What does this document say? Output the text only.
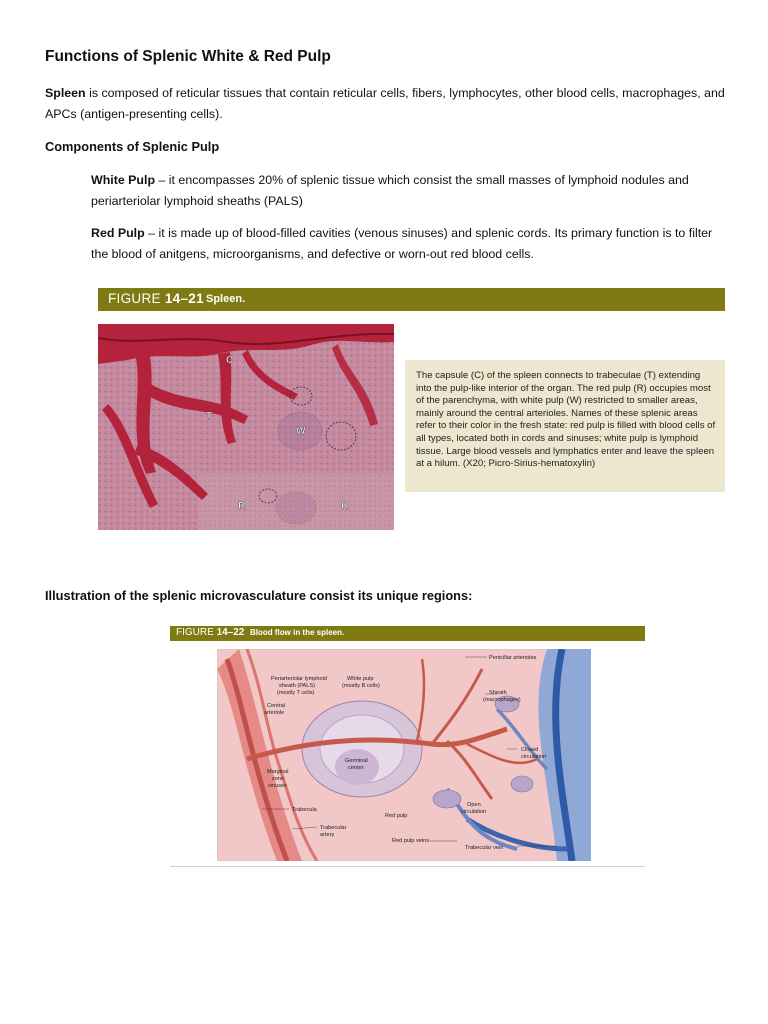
Functions of Splenic White & Red Pulp
Spleen is composed of reticular tissues that contain reticular cells, fibers, lymphocytes, other blood cells, macrophages, and APCs (antigen-presenting cells).
Components of Splenic Pulp
White Pulp – it encompasses 20% of splenic tissue which consist the small masses of lymphoid nodules and periarteriolar lymphoid sheaths (PALS)
Red Pulp – it is made up of blood-filled cavities (venous sinuses) and splenic cords. Its primary function is to filter the blood of anitgens, microorganisms, and defective or worn-out red blood cells.
FIGURE 14–21 Spleen.
C
T
W
R	R

The capsule (C) of the spleen connects to trabeculae (T) extending into the pulp-like interior of the organ. The red pulp (R) occupies most of the parenchyma, with white pulp (W) restricted to smaller areas, mainly around the central arterioles. Names of these splenic areas refer to their color in the fresh state: red pulp is filled with blood cells of all types, located both in cords and sinuses; white pulp is lymphoid tissue. Large blood vessels and lymphatics enter and leave the spleen at a hilum. (X20; Picro-Sirius-hematoxylin)

Illustration of the splenic microvasculature consist its unique regions:
FIGURE 14–22 Blood flow in the spleen.
Periarteriolar lymphoid
sheath (PALS)
(mostly T cells)
White pulp
(mostly B cells)
Central
arteriole
Penicillar arterioles
Sheath
(macrophages)
Germinal
center
Closed
circulation
Marginal
zone
sinuses
Open
circulation
Trabecula
Red pulp
Trabecular
artery
Red pulp veins
Trabecular vein
